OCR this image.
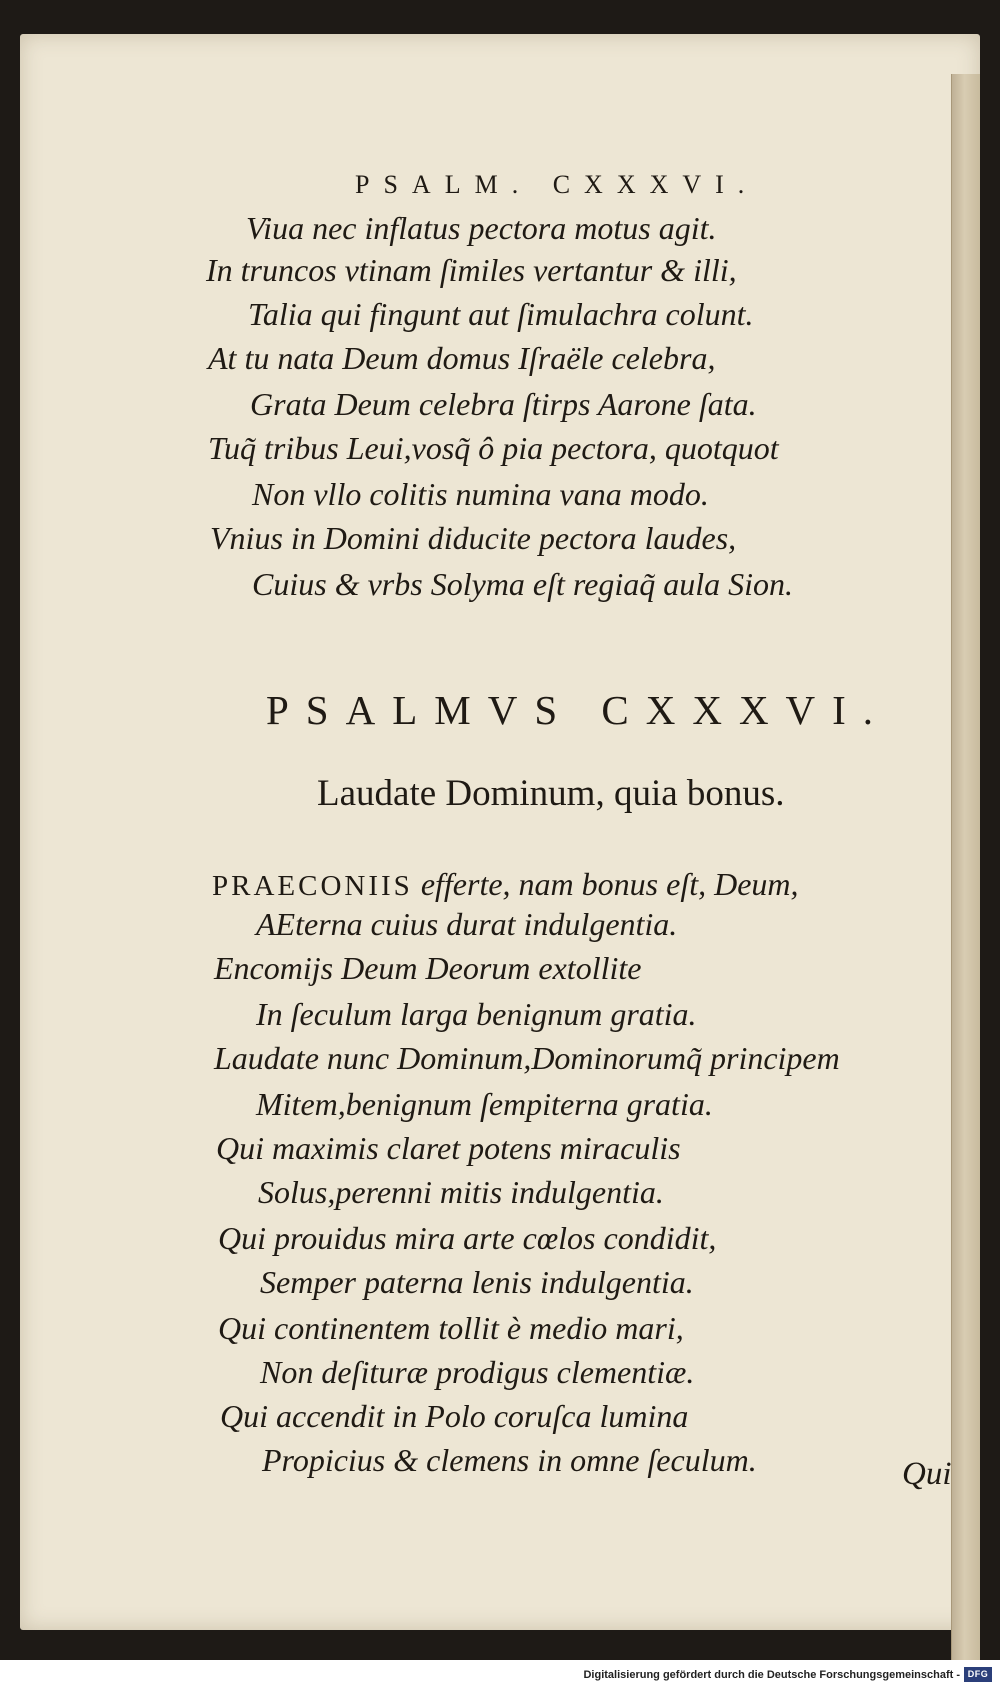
PSALM. CXXXVI.
Viua nec inflatus pectora motus agit.
In truncos vtinam ſimiles vertantur & illi,
Talia qui fingunt aut ſimulachra colunt.
At tu nata Deum domus Iſraële celebra,
Grata Deum celebra ſtirps Aarone ſata.
Tuq̃ tribus Leui,vosq̃ ô pia pectora, quotquot
Non vllo colitis numina vana modo.
Vnius in Domini diducite pectora laudes,
Cuius & vrbs Solyma eſt regiaq̃ aula Sion.
PSALMVS CXXXVI.
Laudate Dominum, quia bonus.
PRAECONIIS efferte, nam bonus eſt, Deum,
AEterna cuius durat indulgentia.
Encomijs Deum Deorum extollite
In ſeculum larga benignum gratia.
Laudate nunc Dominum,Dominorumq̃ principem
Mitem,benignum ſempiterna gratia.
Qui maximis claret potens miraculis
Solus,perenni mitis indulgentia.
Qui prouidus mira arte cœlos condidit,
Semper paterna lenis indulgentia.
Qui continentem tollit è medio mari,
Non deſituræ prodigus clementiæ.
Qui accendit in Polo coruſca lumina
Propicius & clemens in omne ſeculum.	Qui
Digitalisierung gefördert durch die Deutsche Forschungsgemeinschaft - DFG
